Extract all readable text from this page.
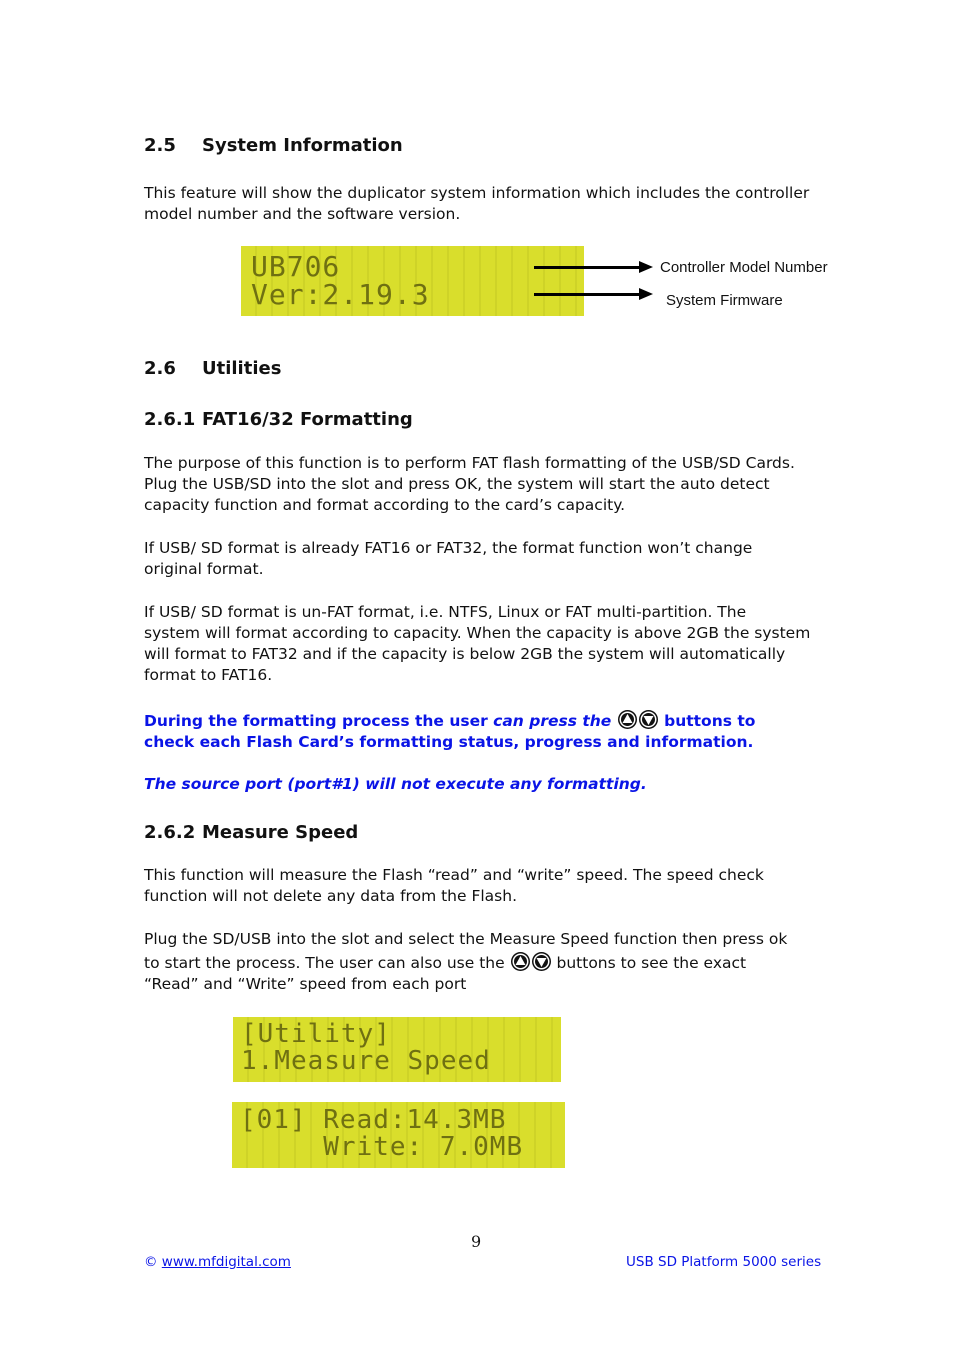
2.5 System Information
This feature will show the duplicator system information which includes the controller
model number and the software version.
UB706
Ver:2.19.3
Controller Model Number
System Firmware
2.6 Utilities
2.6.1 FAT16/32 Formatting
The purpose of this function is to perform FAT flash formatting of the USB/SD Cards.
Plug the USB/SD into the slot and press OK, the system will start the auto detect
capacity function and format according to the card’s capacity.
If USB/ SD format is already FAT16 or FAT32, the format function won’t change
original format.
If USB/ SD format is un-FAT format, i.e. NTFS, Linux or FAT multi-partition. The
system will format according to capacity. When the capacity is above 2GB the system
will format to FAT32 and if the capacity is below 2GB the system will automatically
format to FAT16.
During the formatting process the user can press the	buttons to
check each Flash Card’s formatting status, progress and information.
The source port (port#1) will not execute any formatting.
2.6.2 Measure Speed
This function will measure the Flash “read” and “write” speed. The speed check
function will not delete any data from the Flash.
Plug the SD/USB into the slot and select the Measure Speed function then press ok
to start the process. The user can also use the	buttons to see the exact
“Read” and “Write” speed from each port
[Utility]
1.Measure Speed
[01] Read:14.3MB
Write: 7.0MB
9
© www.mfdigital.com	USB SD Platform 5000 series
